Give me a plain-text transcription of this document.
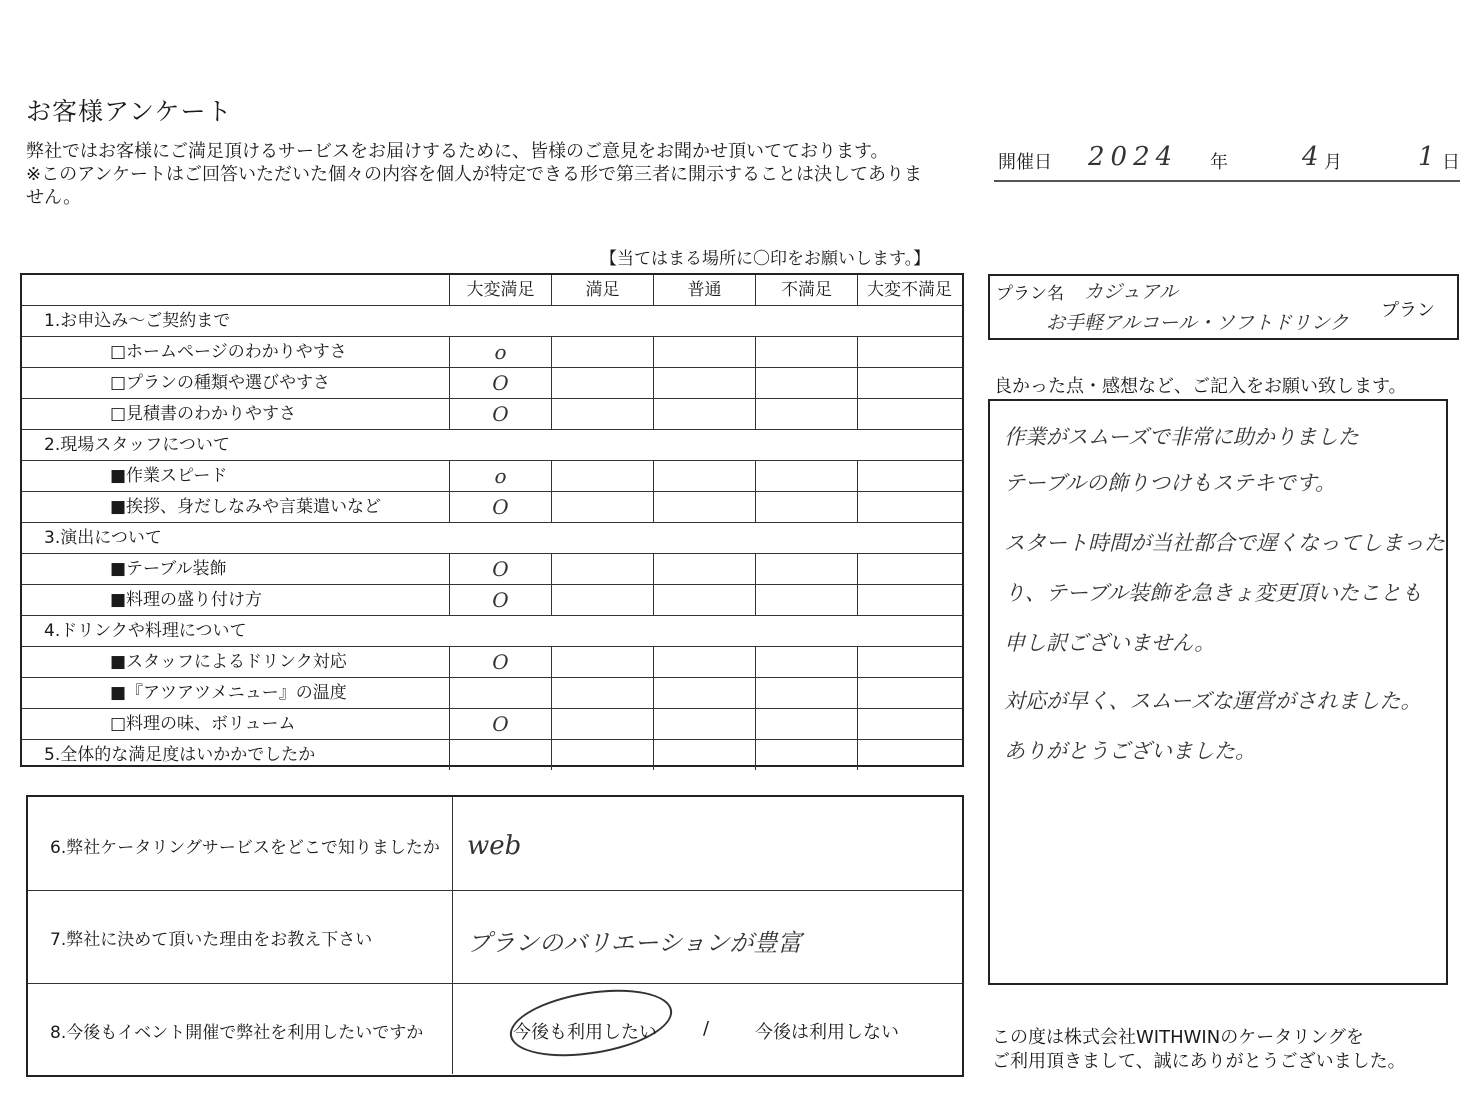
お客様アンケート
弊社ではお客様にご満足頂けるサービスをお届けするために、皆様のご意見をお聞かせ頂いてております。
※このアンケートはご回答いただいた個々の内容を個人が特定できる形で第三者に開示することは決してありま
せん。
開催日 2024 年	4 月	1 日
【当てはまる場所に〇印をお願いします。】
大変満足	満足	普通	不満足	大変不満足
1.お申込み～ご契約まで
□ホームページのわかりやすさ	o
□プランの種類や選びやすさ	O
□見積書のわかりやすさ	O
2.現場スタッフについて
■作業スピード	o
■挨拶、身だしなみや言葉遣いなど	O
3.演出について
■テーブル装飾	O
■料理の盛り付け方	O
4.ドリンクや料理について
■スタッフによるドリンク対応	O
■『アツアツメニュー』の温度
□料理の味、ボリューム	O
5.全体的な満足度はいかかでしたか
6.弊社ケータリングサービスをどこで知りましたか web
7.弊社に決めて頂いた理由をお教え下さい	プランのバリエーションが豊富
8.今後もイベント開催で弊社を利用したいですか	今後も利用したい	/	今後は利用しない
プラン名 カジュアル
お手軽アルコール・ソフトドリンク
プラン
良かった点・感想など、ご記入をお願い致します。
作業がスムーズで非常に助かりました
テーブルの飾りつけもステキです。
スタート時間が当社都合で遅くなってしまった
り、テーブル装飾を急きょ変更頂いたことも
申し訳ございません。
対応が早く、スムーズな運営がされました。
ありがとうございました。
この度は株式会社WITHWINのケータリングを
ご利用頂きまして、誠にありがとうございました。
